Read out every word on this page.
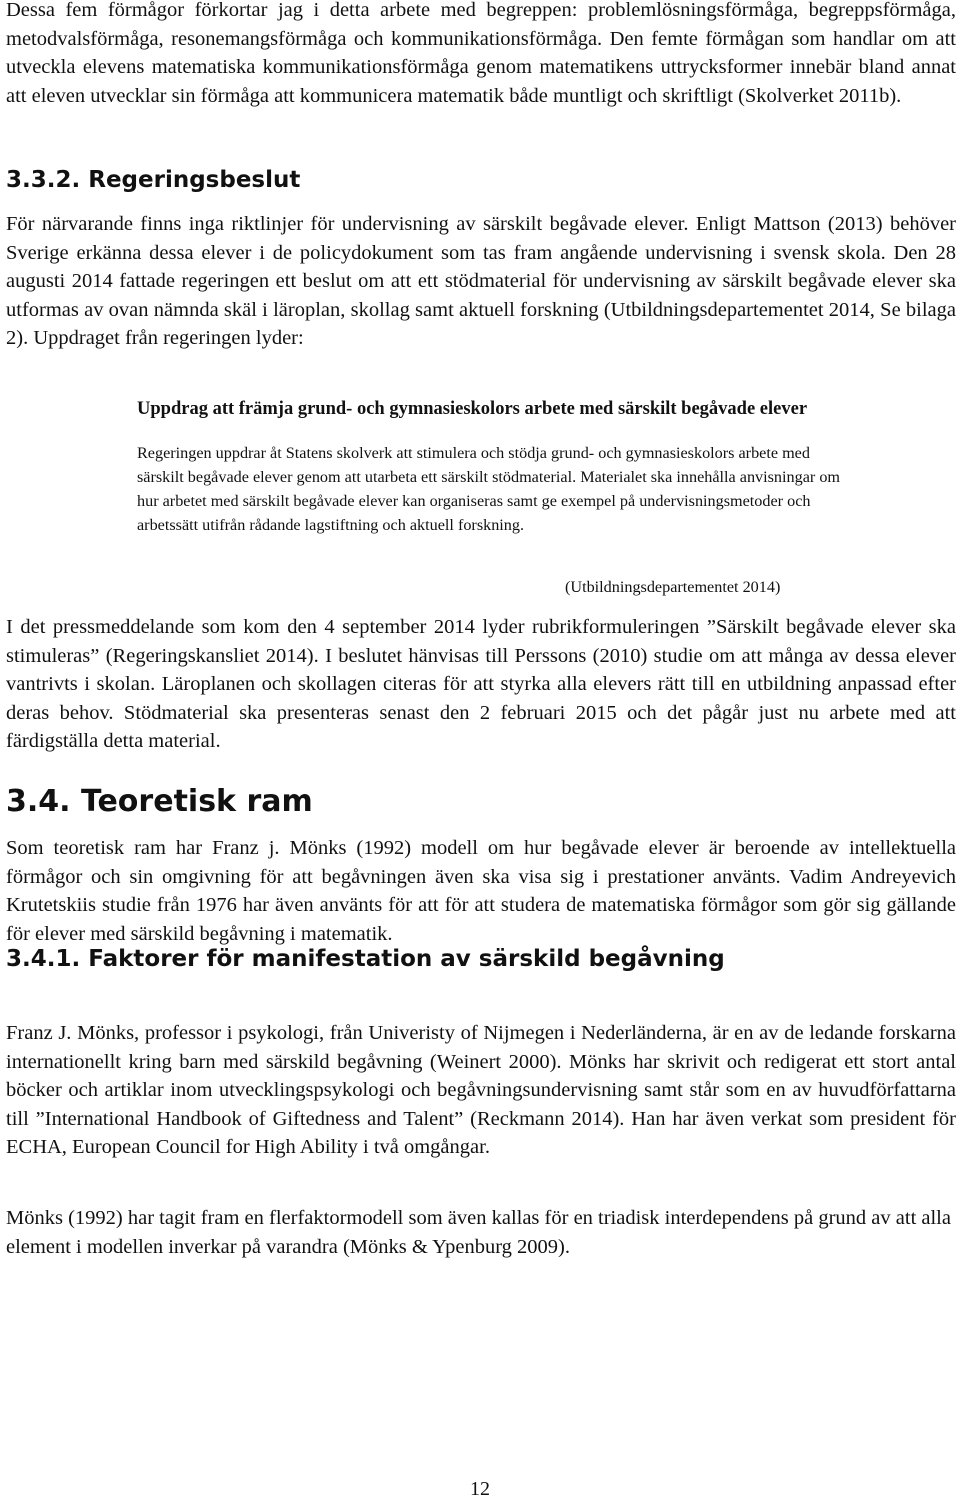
Dessa fem förmågor förkortar jag i detta arbete med begreppen: problemlösningsförmåga, begreppsförmåga, metodvalsförmåga, resonemangsförmåga och kommunikationsförmåga. Den femte förmågan som handlar om att utveckla elevens matematiska kommunikationsförmåga genom matematikens uttrycksformer innebär bland annat att eleven utvecklar sin förmåga att kommunicera matematik både muntligt och skriftligt (Skolverket 2011b).

3.3.2. Regeringsbeslut

För närvarande finns inga riktlinjer för undervisning av särskilt begåvade elever. Enligt Mattson (2013) behöver Sverige erkänna dessa elever i de policydokument som tas fram angående undervisning i svensk skola. Den 28 augusti 2014 fattade regeringen ett beslut om att ett stödmaterial för undervisning av särskilt begåvade elever ska utformas av ovan nämnda skäl i läroplan, skollag samt aktuell forskning (Utbildningsdepartementet 2014, Se bilaga 2). Uppdraget från regeringen lyder:

Uppdrag att främja grund- och gymnasieskolors arbete med särskilt begåvade elever

Regeringen uppdrar åt Statens skolverk att stimulera och stödja grund- och gymnasieskolors arbete med särskilt begåvade elever genom att utarbeta ett särskilt stödmaterial. Materialet ska innehålla anvisningar om hur arbetet med särskilt begåvade elever kan organiseras samt ge exempel på undervisningsmetoder och arbetssätt utifrån rådande lagstiftning och aktuell forskning.

(Utbildningsdepartementet 2014)

I det pressmeddelande som kom den 4 september 2014 lyder rubrikformuleringen ”Särskilt begåvade elever ska stimuleras” (Regeringskansliet 2014). I beslutet hänvisas till Perssons (2010) studie om att många av dessa elever vantrivts i skolan. Läroplanen och skollagen citeras för att styrka alla elevers rätt till en utbildning anpassad efter deras behov. Stödmaterial ska presenteras senast den 2 februari 2015 och det pågår just nu arbete med att färdigställa detta material.

3.4. Teoretisk ram

Som teoretisk ram har Franz j. Mönks (1992) modell om hur begåvade elever är beroende av intellektuella förmågor och sin omgivning för att begåvningen även ska visa sig i prestationer använts. Vadim Andreyevich Krutetskiis studie från 1976 har även använts för att för att studera de matematiska förmågor som gör sig gällande för elever med särskild begåvning i matematik.

3.4.1. Faktorer för manifestation av särskild begåvning

Franz J. Mönks, professor i psykologi, från Univeristy of Nijmegen i Nederländerna, är en av de ledande forskarna internationellt kring barn med särskild begåvning (Weinert 2000). Mönks har skrivit och redigerat ett stort antal böcker och artiklar inom utvecklingspsykologi och begåvningsundervisning samt står som en av huvudförfattarna till ”International Handbook of Giftedness and Talent” (Reckmann 2014). Han har även verkat som president för ECHA, European Council for High Ability i två omgångar.

Mönks (1992) har tagit fram en flerfaktormodell som även kallas för en triadisk interdependens på grund av att alla element i modellen inverkar på varandra (Mönks & Ypenburg 2009).

12
